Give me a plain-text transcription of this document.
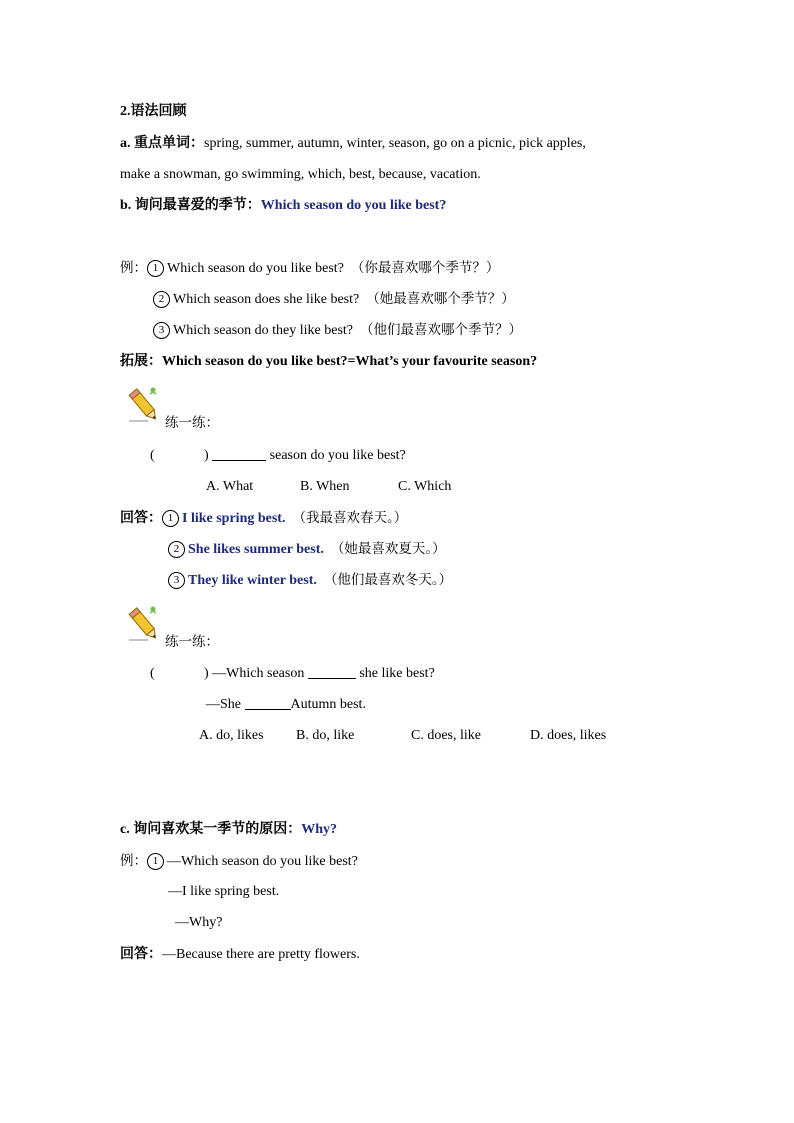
2.语法回顾
a. 重点单词：spring, summer, autumn, winter, season, go on a picnic, pick apples,
make a snowman, go swimming, which, best, because, vacation.
b. 询问最喜爱的季节：Which season do you like best?
例： 1 Which season do you like best? （你最喜欢哪个季节？）
2 Which season does she like best? （她最喜欢哪个季节？）
3 Which season do they like best? （他们最喜欢哪个季节？）
拓展：Which season do you like best?=What’s your favourite season?
练一练：
(	)	season do you like best?
A. What	B. When	C. Which
回答： 1 I like spring best. （我最喜欢春天。）
2 She likes summer best. （她最喜欢夏天。）
3 They like winter best. （他们最喜欢冬天。）
练一练：
(	) —Which season	she like best?
—She	Autumn best.
A. do, likes B. do, like	C. does, like	D. does, likes
c. 询问喜欢某一季节的原因：Why?
例： 1 —Which season do you like best?
—I like spring best.
—Why?
回答：—Because there are pretty flowers.
